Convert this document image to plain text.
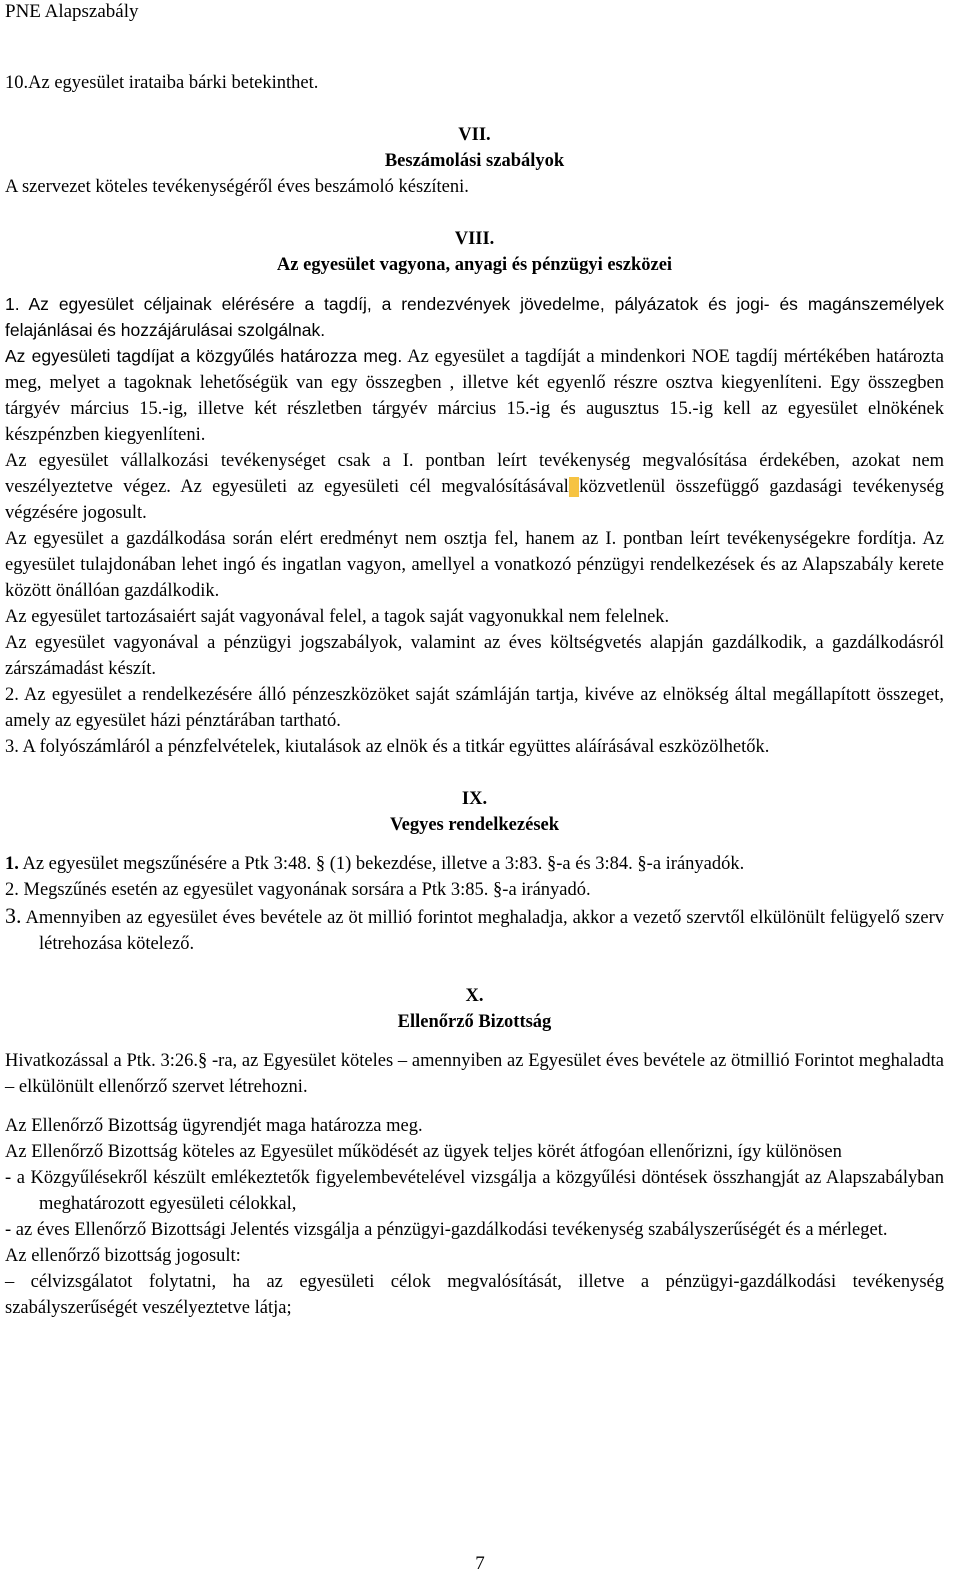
PNE Alapszabály

10.Az egyesület irataiba bárki betekinthet.

VII.

Beszámolási szabályok

A szervezet köteles tevékenységéről éves beszámoló készíteni.

VIII.

Az egyesület vagyona, anyagi és pénzügyi eszközei

1. Az egyesület céljainak elérésére a tagdíj, a rendezvények jövedelme, pályázatok és jogi- és magánszemélyek felajánlásai és hozzájárulásai szolgálnak.

Az egyesületi tagdíjat a közgyűlés határozza meg. Az egyesület a tagdíját a mindenkori NOE tagdíj mértékében határozta meg, melyet a tagoknak lehetőségük van egy összegben , illetve két egyenlő részre osztva kiegyenlíteni. Egy összegben tárgyév március 15.-ig, illetve két részletben tárgyév március 15.-ig és augusztus 15.-ig kell az egyesület elnökének készpénzben kiegyenlíteni.

Az egyesület vállalkozási tevékenységet csak a I. pontban leírt tevékenység megvalósítása érdekében, azokat nem veszélyeztetve végez. Az egyesületi az egyesületi cél megvalósításával közvetlenül összefüggő gazdasági tevékenység végzésére jogosult.

Az egyesület a gazdálkodása során elért eredményt nem osztja fel, hanem az I. pontban leírt tevékenységekre fordítja. Az egyesület tulajdonában lehet ingó és ingatlan vagyon, amellyel a vonatkozó pénzügyi rendelkezések és az Alapszabály kerete között önállóan gazdálkodik.

Az egyesület tartozásaiért saját vagyonával felel, a tagok saját vagyonukkal nem felelnek.

Az egyesület vagyonával a pénzügyi jogszabályok, valamint az éves költségvetés alapján gazdálkodik, a gazdálkodásról zárszámadást készít.

2. Az egyesület a rendelkezésére álló pénzeszközöket saját számláján tartja, kivéve az elnökség által megállapított összeget, amely az egyesület házi pénztárában tartható.

3. A folyószámláról a pénzfelvételek, kiutalások az elnök és a titkár együttes aláírásával eszközölhetők.

IX.

Vegyes rendelkezések

1. Az egyesület megszűnésére a Ptk 3:48. § (1) bekezdése, illetve a 3:83. §-a és 3:84. §-a irányadók.

2. Megszűnés esetén az egyesület vagyonának sorsára a Ptk 3:85. §-a irányadó.

3. Amennyiben az egyesület éves bevétele az öt millió forintot meghaladja, akkor a vezető szervtől elkülönült felügyelő szerv létrehozása kötelező.

X.

Ellenőrző Bizottság

Hivatkozással a Ptk. 3:26.§ -ra, az Egyesület köteles – amennyiben az Egyesület éves bevétele az ötmillió Forintot meghaladta – elkülönült ellenőrző szervet létrehozni.

Az Ellenőrző Bizottság ügyrendjét maga határozza meg.

Az Ellenőrző Bizottság köteles az Egyesület működését az ügyek teljes körét átfogóan ellenőrizni, így különösen

- a Közgyűlésekről készült emlékeztetők figyelembevételével vizsgálja a közgyűlési döntések összhangját az Alapszabályban meghatározott egyesületi célokkal,

- az éves Ellenőrző Bizottsági Jelentés vizsgálja a pénzügyi-gazdálkodási tevékenység szabályszerűségét és a mérleget.

Az ellenőrző bizottság jogosult:

– célvizsgálatot folytatni, ha az egyesületi célok megvalósítását, illetve a pénzügyi-gazdálkodási tevékenység szabályszerűségét veszélyeztetve látja;

7
